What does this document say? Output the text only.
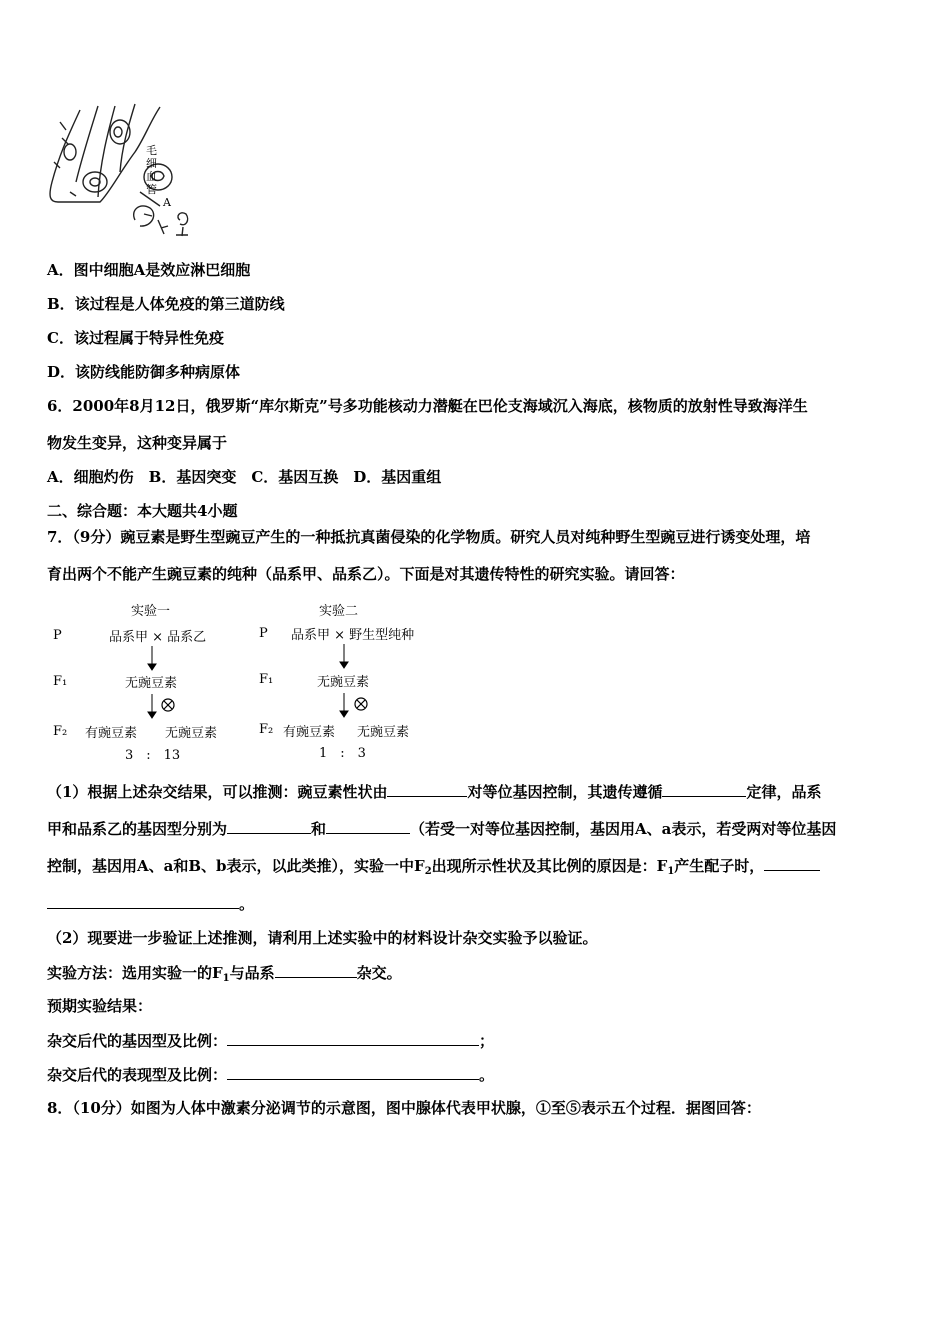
毛
细
血
管
A
A．图中细胞A是效应淋巴细胞
B．该过程是人体免疫的第三道防线
C．该过程属于特异性免疫
D．该防线能防御多种病原体
6．2000年8月12日，俄罗斯“库尔斯克”号多功能核动力潜艇在巴伦支海域沉入海底，核物质的放射性导致海洋生
物发生变异，这种变异属于
A．细胞灼伤　B．基因突变　C．基因互换　D．基因重组
二、综合题：本大题共4小题
7．（9分）豌豆素是野生型豌豆产生的一种抵抗真菌侵染的化学物质。研究人员对纯种野生型豌豆进行诱变处理，培
育出两个不能产生豌豆素的纯种（品系甲、品系乙）。下面是对其遗传特性的研究实验。请回答：
实验一
P	品系甲 × 品系乙
F₁	无豌豆素
F₂ 有豌豆素 无豌豆素
3　:　13
实验二
P 品系甲 × 野生型纯种
F₁	无豌豆素
F₂ 有豌豆素 无豌豆素
1　:　3
（1）根据上述杂交结果，可以推测：豌豆素性状由	对等位基因控制，其遗传遵循	定律，品系
甲和品系乙的基因型分别为	和	（若受一对等位基因控制，基因用A、a表示，若受两对等位基因
控制，基因用A、a和B、b表示，以此类推），实验一中$F_2$出现所示性状及其比例的原因是：$F_1$产生配子时，
。
（2）现要进一步验证上述推测，请利用上述实验中的材料设计杂交实验予以验证。
实验方法：选用实验一的$F_1$与品系	杂交。
预期实验结果：
杂交后代的基因型及比例：	；
杂交后代的表现型及比例：	。
8．（10分）如图为人体中激素分泌调节的示意图，图中腺体代表甲状腺，①至⑤表示五个过程．据图回答：
